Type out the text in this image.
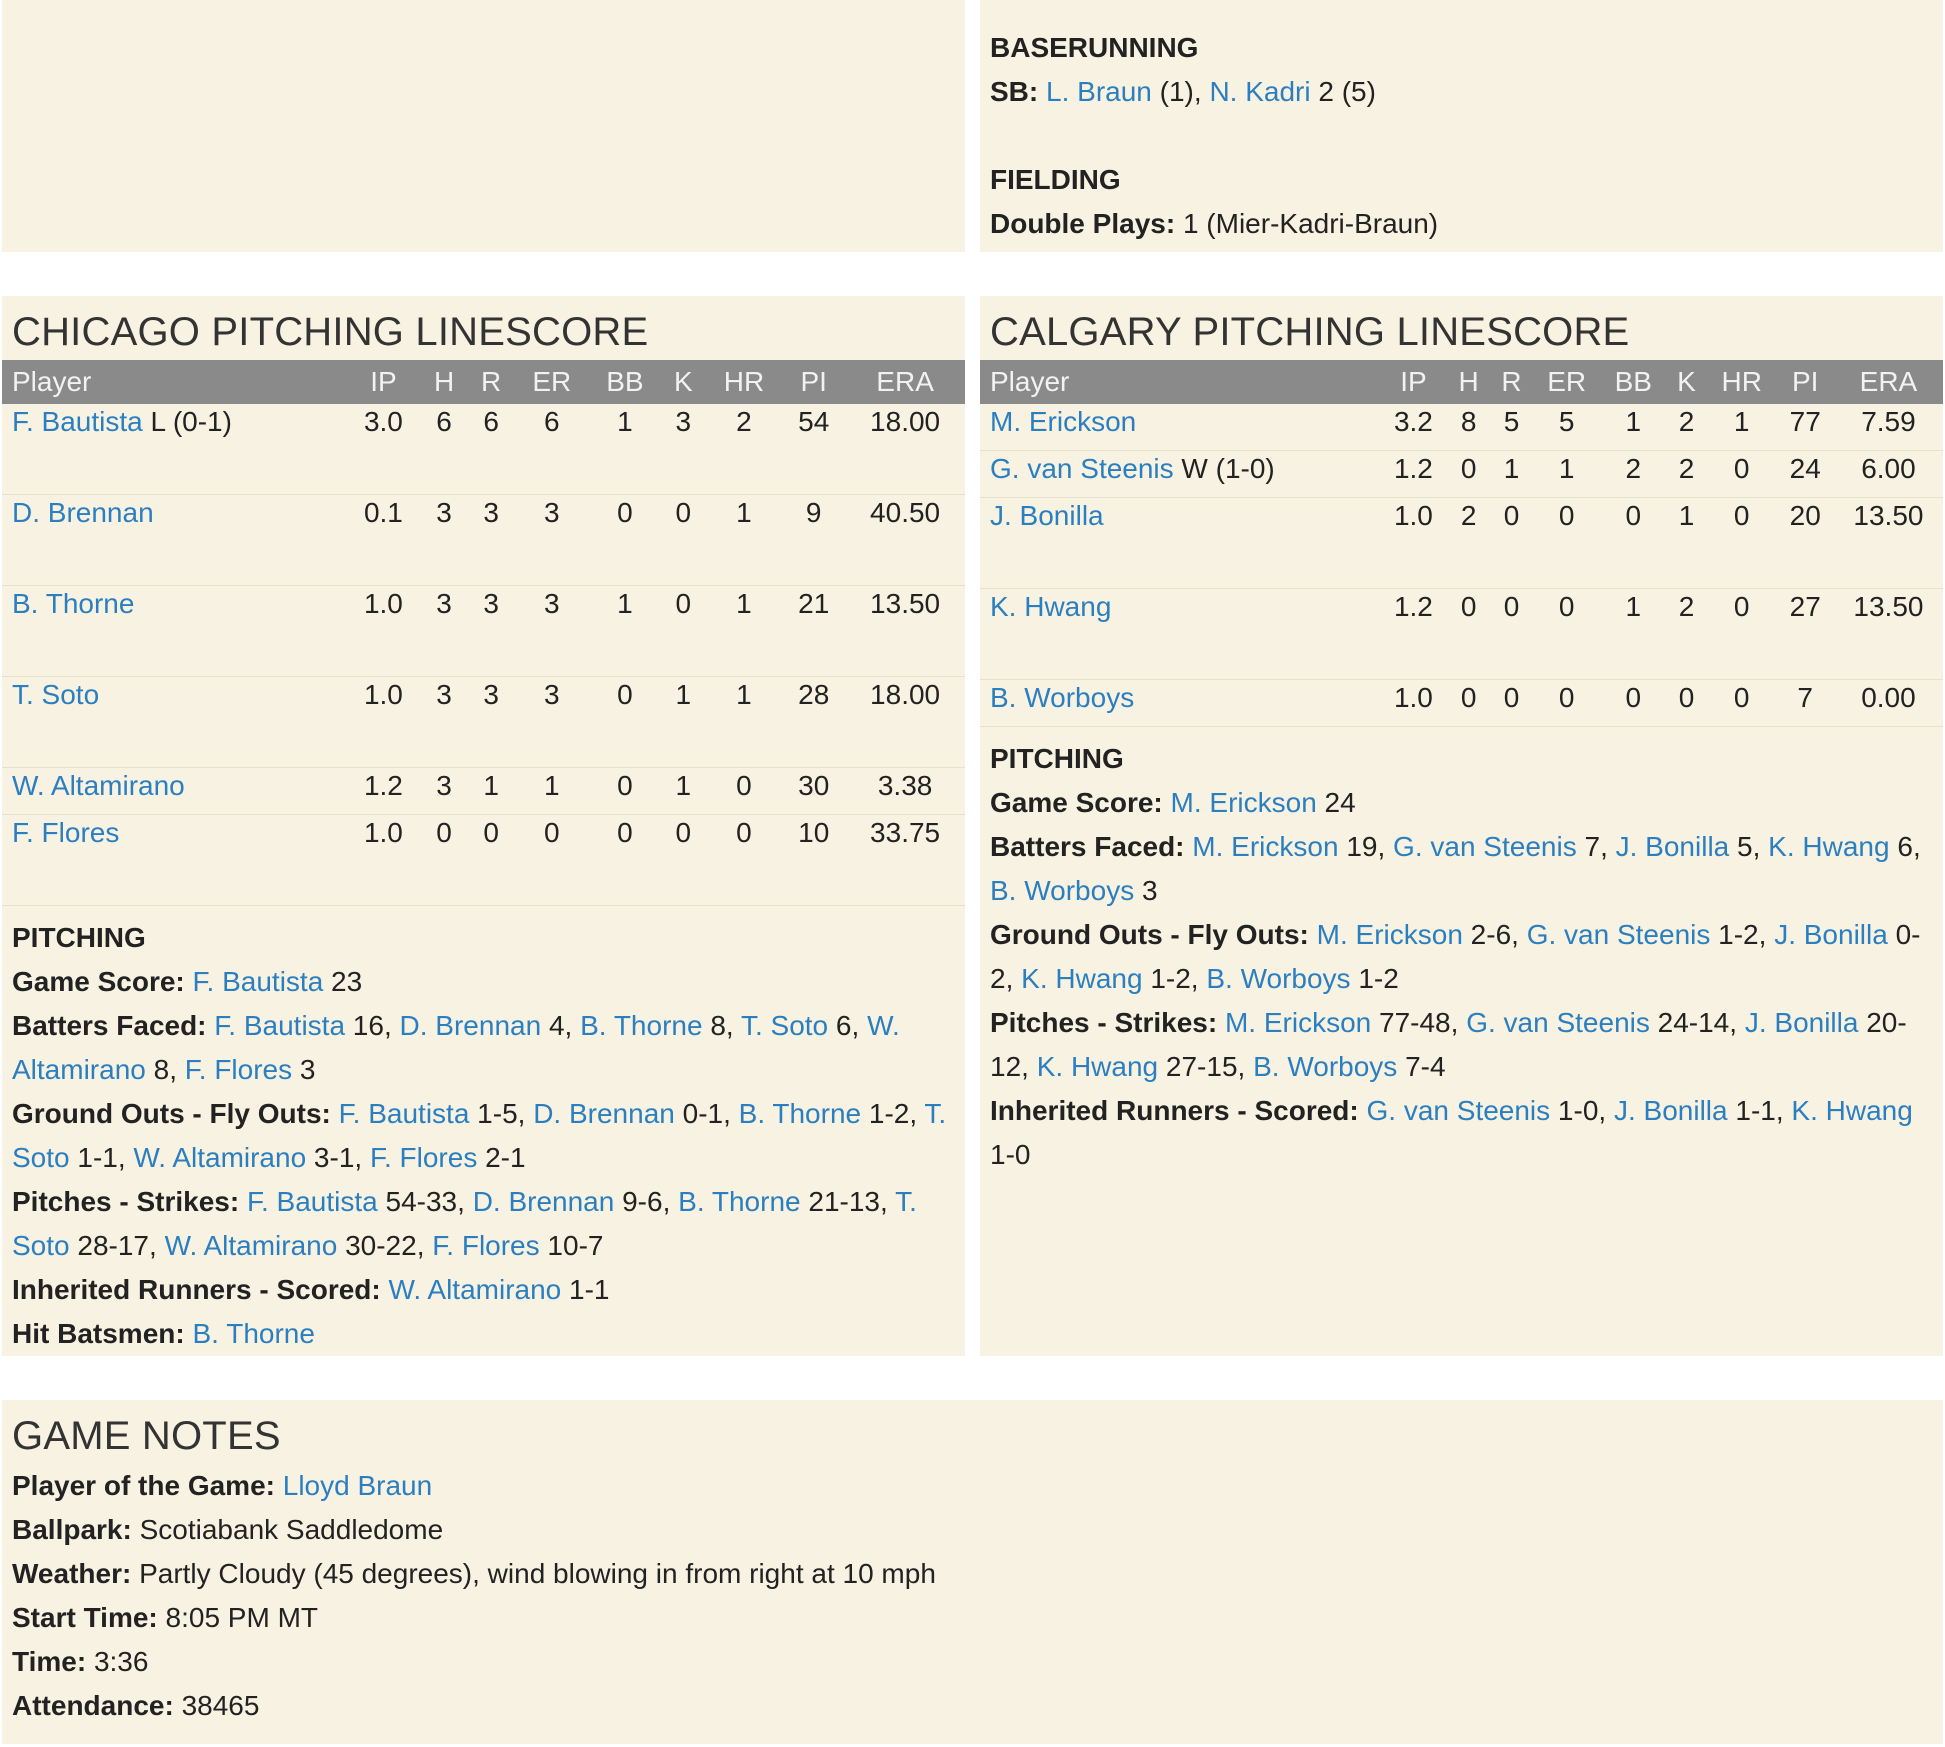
BASERUNNING

SB: L. Braun (1), N. Kadri 2 (5)

FIELDING

Double Plays: 1 (Mier-Kadri-Braun)

CHICAGO PITCHING LINESCORE
Player	IP	H	R	ER	BB	K	HR	PI	ERA
F. Bautista L (0-1)	3.0	6	6	6	1	3	2	54	18.00
D. Brennan	0.1	3	3	3	0	0	1	9	40.50
B. Thorne	1.0	3	3	3	1	0	1	21	13.50
T. Soto	1.0	3	3	3	0	1	1	28	18.00
W. Altamirano	1.2	3	1	1	0	1	0	30	3.38
F. Flores	1.0	0	0	0	0	0	0	10	33.75

PITCHING

Game Score: F. Bautista 23

Batters Faced: F. Bautista 16, D. Brennan 4, B. Thorne 8, T. Soto 6, W. Altamirano 8, F. Flores 3

Ground Outs - Fly Outs: F. Bautista 1-5, D. Brennan 0-1, B. Thorne 1-2, T. Soto 1-1, W. Altamirano 3-1, F. Flores 2-1

Pitches - Strikes: F. Bautista 54-33, D. Brennan 9-6, B. Thorne 21-13, T. Soto 28-17, W. Altamirano 30-22, F. Flores 10-7

Inherited Runners - Scored: W. Altamirano 1-1

Hit Batsmen: B. Thorne

CALGARY PITCHING LINESCORE
Player	IP	H	R	ER	BB	K	HR	PI	ERA
M. Erickson	3.2	8	5	5	1	2	1	77	7.59
G. van Steenis W (1-0)	1.2	0	1	1	2	2	0	24	6.00
J. Bonilla	1.0	2	0	0	0	1	0	20	13.50
K. Hwang	1.2	0	0	0	1	2	0	27	13.50
B. Worboys	1.0	0	0	0	0	0	0	7	0.00

PITCHING

Game Score: M. Erickson 24

Batters Faced: M. Erickson 19, G. van Steenis 7, J. Bonilla 5, K. Hwang 6, B. Worboys 3

Ground Outs - Fly Outs: M. Erickson 2-6, G. van Steenis 1-2, J. Bonilla 0-2, K. Hwang 1-2, B. Worboys 1-2

Pitches - Strikes: M. Erickson 77-48, G. van Steenis 24-14, J. Bonilla 20-12, K. Hwang 27-15, B. Worboys 7-4

Inherited Runners - Scored: G. van Steenis 1-0, J. Bonilla 1-1, K. Hwang 1-0

GAME NOTES

Player of the Game: Lloyd Braun

Ballpark: Scotiabank Saddledome

Weather: Partly Cloudy (45 degrees), wind blowing in from right at 10 mph

Start Time: 8:05 PM MT

Time: 3:36

Attendance: 38465
